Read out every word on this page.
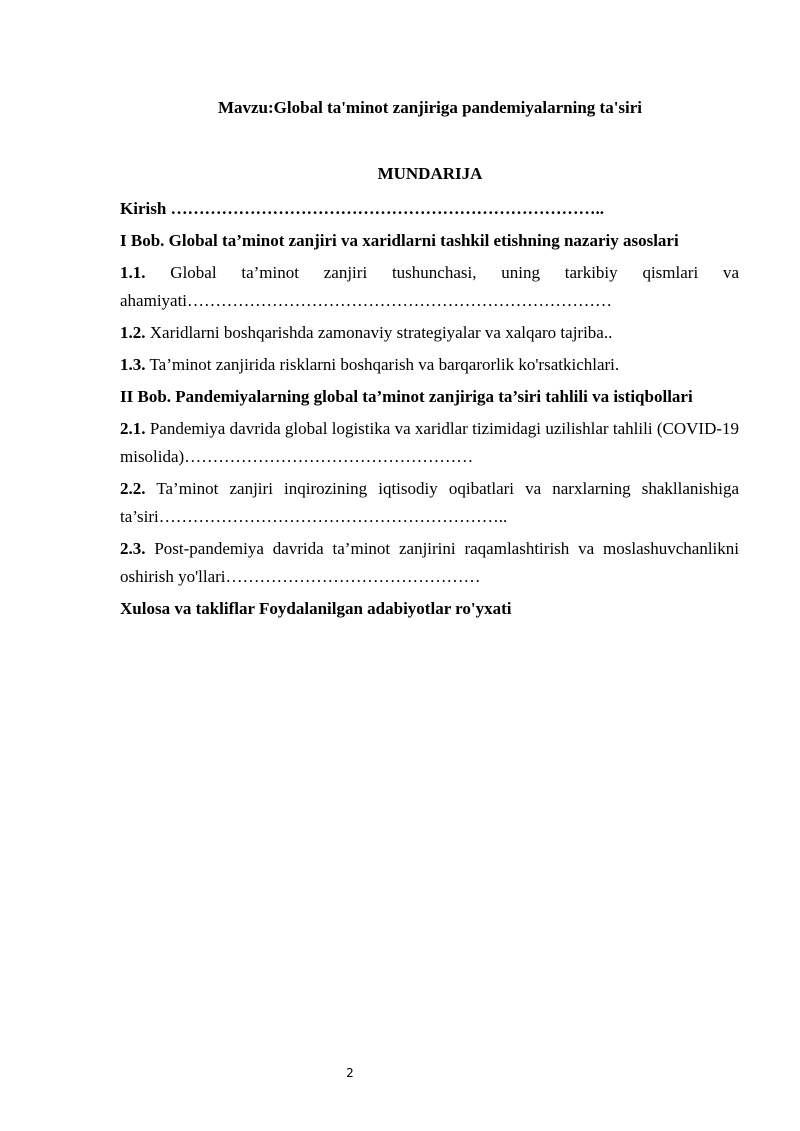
Mavzu:Global ta'minot zanjiriga pandemiyalarning ta'siri
MUNDARIJA
Kirish …………………………………………………………………..
I Bob. Global ta’minot zanjiri va xaridlarni tashkil etishning nazariy asoslari
1.1. Global ta’minot zanjiri tushunchasi, uning tarkibiy qismlari va ahamiyati…………………………………………………………………
1.2. Xaridlarni boshqarishda zamonaviy strategiyalar va xalqaro tajriba..
1.3. Ta’minot zanjirida risklarni boshqarish va barqarorlik ko'rsatkichlari.
II Bob. Pandemiyalarning global ta’minot zanjiriga ta’siri tahlili va istiqbollari
2.1. Pandemiya davrida global logistika va xaridlar tizimidagi uzilishlar tahlili (COVID-19 misolida)……………………………………………
2.2. Ta’minot zanjiri inqirozining iqtisodiy oqibatlari va narxlarning shakllanishiga ta’siri……………………………………………………..
2.3. Post-pandemiya davrida ta’minot zanjirini raqamlashtirish va moslashuvchanlikni oshirish yo'llari………………………………………
Xulosa va takliflar Foydalanilgan adabiyotlar ro'yxati
2
